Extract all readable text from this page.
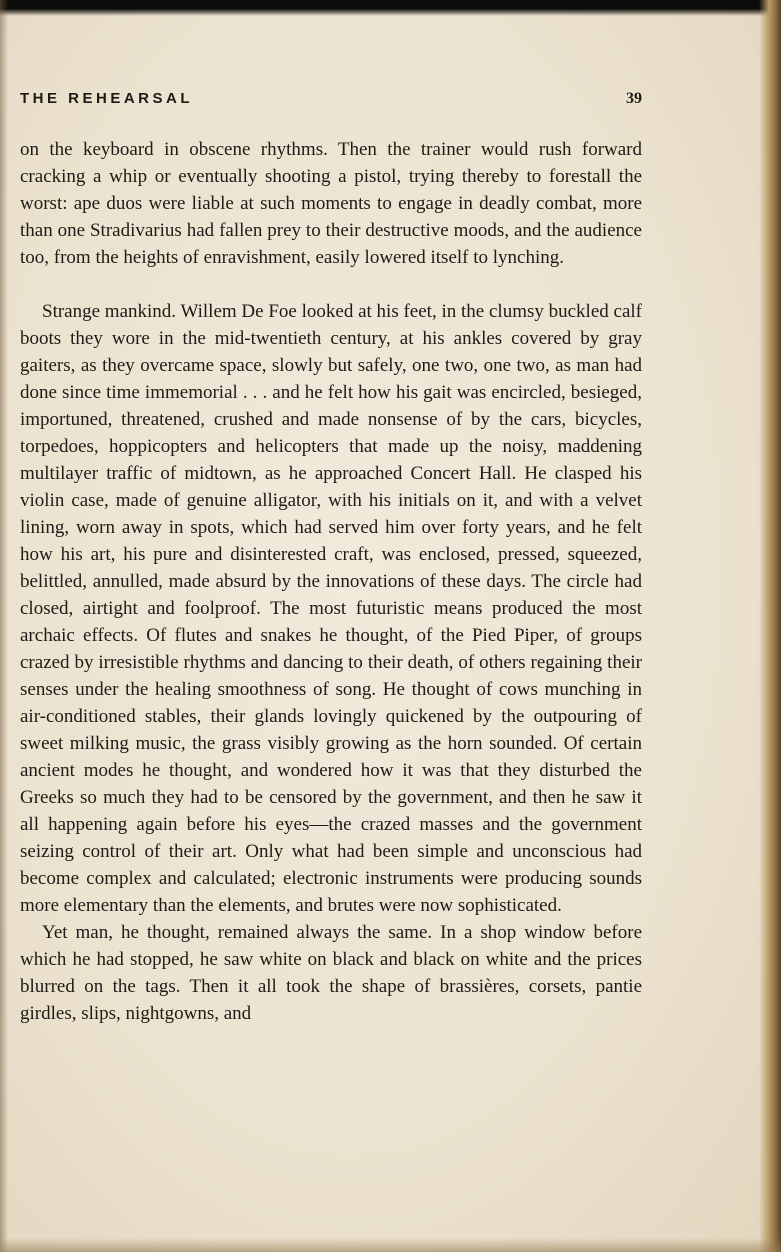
THE REHEARSAL	39

on the keyboard in obscene rhythms. Then the trainer would rush forward cracking a whip or eventually shooting a pistol, trying thereby to forestall the worst: ape duos were liable at such moments to engage in deadly combat, more than one Stradivarius had fallen prey to their destructive moods, and the audience too, from the heights of enravishment, easily lowered itself to lynching.

Strange mankind. Willem De Foe looked at his feet, in the clumsy buckled calf boots they wore in the mid-twentieth century, at his ankles covered by gray gaiters, as they overcame space, slowly but safely, one two, one two, as man had done since time immemorial . . . and he felt how his gait was encircled, besieged, importuned, threatened, crushed and made nonsense of by the cars, bicycles, torpedoes, hoppicopters and helicopters that made up the noisy, maddening multilayer traffic of midtown, as he approached Concert Hall. He clasped his violin case, made of genuine alligator, with his initials on it, and with a velvet lining, worn away in spots, which had served him over forty years, and he felt how his art, his pure and disinterested craft, was enclosed, pressed, squeezed, belittled, annulled, made absurd by the innovations of these days. The circle had closed, airtight and foolproof. The most futuristic means produced the most archaic effects. Of flutes and snakes he thought, of the Pied Piper, of groups crazed by irresistible rhythms and dancing to their death, of others regaining their senses under the healing smoothness of song. He thought of cows munching in air-conditioned stables, their glands lovingly quickened by the outpouring of sweet milking music, the grass visibly growing as the horn sounded. Of certain ancient modes he thought, and wondered how it was that they disturbed the Greeks so much they had to be censored by the government, and then he saw it all happening again before his eyes—the crazed masses and the government seizing control of their art. Only what had been simple and unconscious had become complex and calculated; electronic instruments were producing sounds more elementary than the elements, and brutes were now sophisticated.

Yet man, he thought, remained always the same. In a shop window before which he had stopped, he saw white on black and black on white and the prices blurred on the tags. Then it all took the shape of brassières, corsets, pantie girdles, slips, nightgowns, and
